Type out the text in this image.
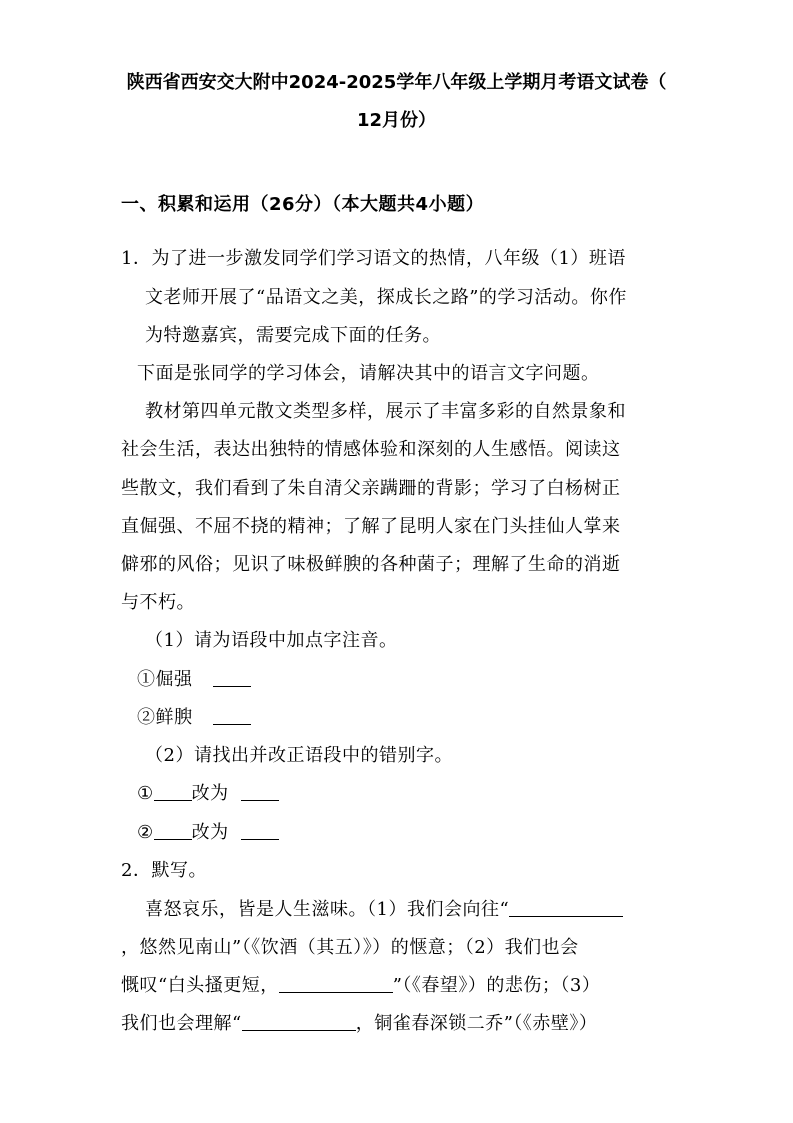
陕西省西安交大附中2024-2025学年八年级上学期月考语文试卷（
12月份）
一、积累和运用（26分）（本大题共4小题）
1．为了进一步激发同学们学习语文的热情，八年级（1）班语
文老师开展了“品语文之美，探成长之路”的学习活动。你作
为特邀嘉宾，需要完成下面的任务。
下面是张同学的学习体会，请解决其中的语言文字问题。
教材第四单元散文类型多样，展示了丰富多彩的自然景象和
社会生活，表达出独特的情感体验和深刻的人生感悟。阅读这
些散文，我们看到了朱自清父亲蹒跚的背影；学习了白杨树正
直倔强、不屈不挠的精神；了解了昆明人家在门头挂仙人掌来
僻邪的风俗；见识了味极鲜腴的各种菌子；理解了生命的消逝
与不朽。
（1）请为语段中加点字注音。
①倔强
②鲜腴
（2）请找出并改正语段中的错别字。
① 改为
② 改为
2．默写。
喜怒哀乐，皆是人生滋味。（1）我们会向往“
，悠然见南山”（《饮酒（其五）》）的惬意；（2）我们也会
慨叹“白头搔更短，	”（《春望》）的悲伤；（3）
我们也会理解“	，铜雀春深锁二乔”（《赤壁》）
